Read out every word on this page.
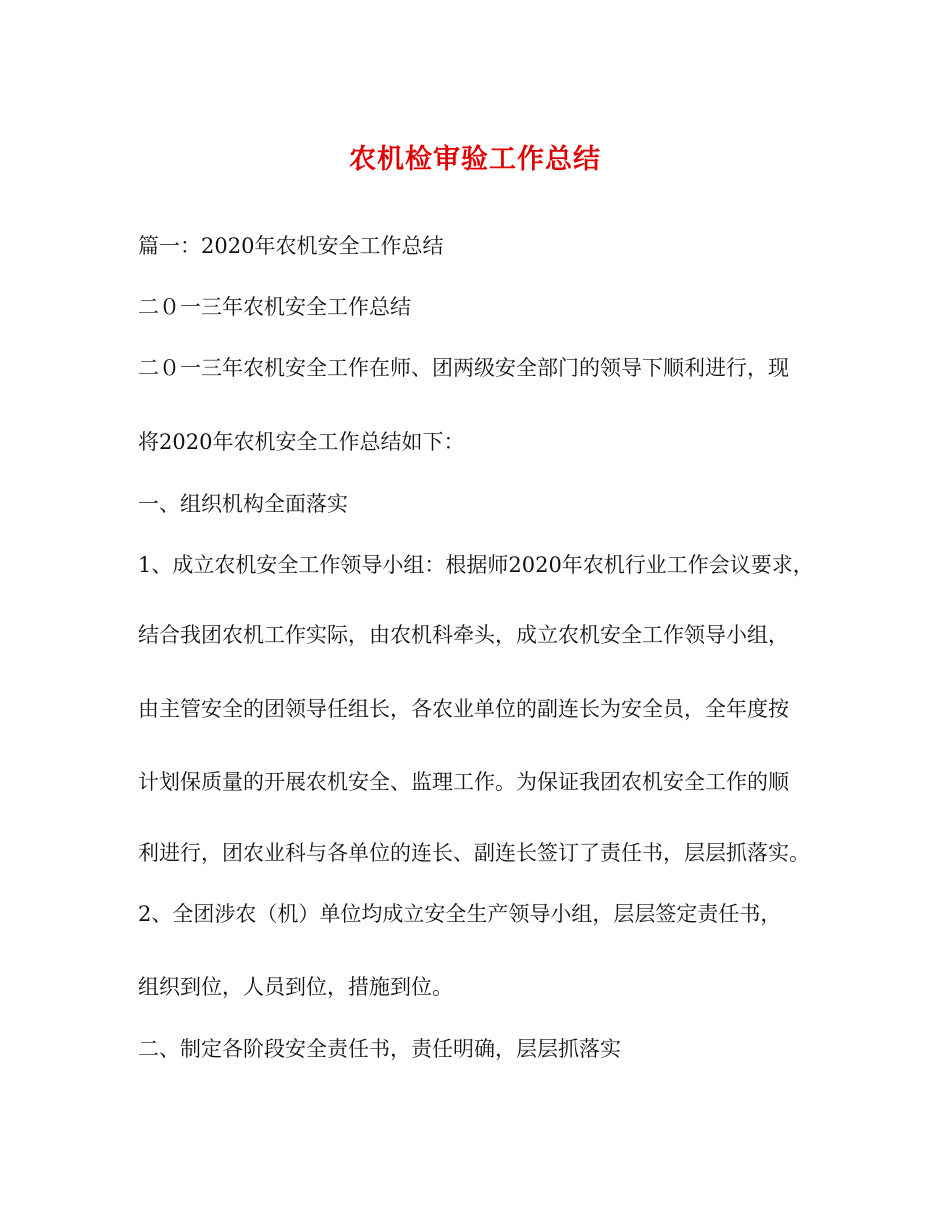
农机检审验工作总结
篇一：2020年农机安全工作总结
二０一三年农机安全工作总结
二０一三年农机安全工作在师、团两级安全部门的领导下顺利进行，现
将2020年农机安全工作总结如下：
一、组织机构全面落实
1、成立农机安全工作领导小组：根据师2020年农机行业工作会议要求，
结合我团农机工作实际，由农机科牵头，成立农机安全工作领导小组，
由主管安全的团领导任组长，各农业单位的副连长为安全员，全年度按
计划保质量的开展农机安全、监理工作。为保证我团农机安全工作的顺
利进行，团农业科与各单位的连长、副连长签订了责任书，层层抓落实。
2、全团涉农（机）单位均成立安全生产领导小组，层层签定责任书，
组织到位，人员到位，措施到位。
二、制定各阶段安全责任书，责任明确，层层抓落实
